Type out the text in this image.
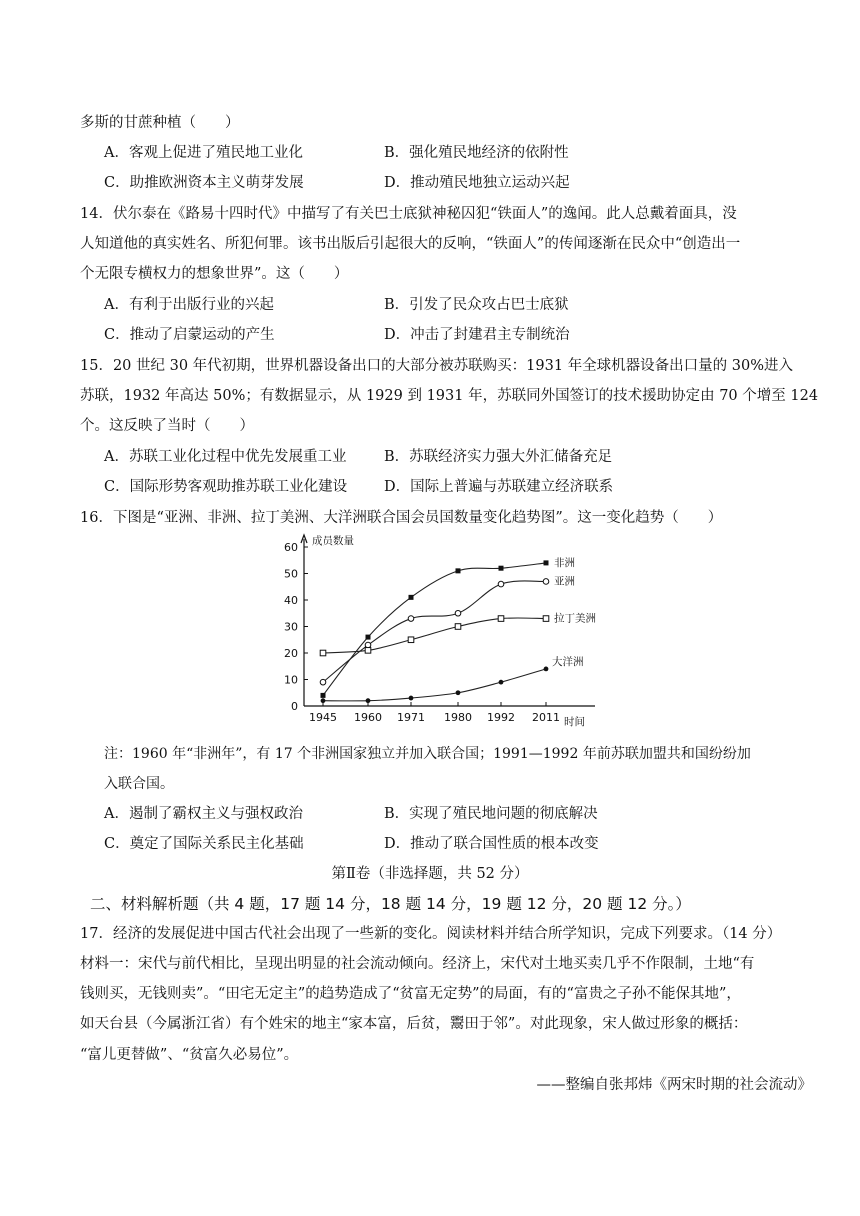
多斯的甘蔗种植（　　）
A．客观上促进了殖民地工业化	B．强化殖民地经济的依附性
C．助推欧洲资本主义萌芽发展	D．推动殖民地独立运动兴起
14．伏尔泰在《路易十四时代》中描写了有关巴士底狱神秘囚犯“铁面人”的逸闻。此人总戴着面具，没
人知道他的真实姓名、所犯何罪。该书出版后引起很大的反响，“铁面人”的传闻逐渐在民众中“创造出一
个无限专横权力的想象世界”。这（　　）
A．有利于出版行业的兴起	B．引发了民众攻占巴士底狱
C．推动了启蒙运动的产生	D．冲击了封建君主专制统治
15．20 世纪 30 年代初期，世界机器设备出口的大部分被苏联购买：1931 年全球机器设备出口量的 30%进入
苏联，1932 年高达 50%；有数据显示，从 1929 到 1931 年，苏联同外国签订的技术援助协定由 70 个增至 124
个。这反映了当时（　　）
A．苏联工业化过程中优先发展重工业	B．苏联经济实力强大外汇储备充足
C．国际形势客观助推苏联工业化建设	D．国际上普遍与苏联建立经济联系
16．下图是“亚洲、非洲、拉丁美洲、大洋洲联合国会员国数量变化趋势图”。这一变化趋势（　　）
0
10
20
30
40
50
60
1945 1960 1971 1980 1992 2011
成员数量
时间
非洲
亚洲
拉丁美洲
大洋洲
注：1960 年“非洲年”，有 17 个非洲国家独立并加入联合国；1991—1992 年前苏联加盟共和国纷纷加
入联合国。
A．遏制了霸权主义与强权政治	B．实现了殖民地问题的彻底解决
C．奠定了国际关系民主化基础	D．推动了联合国性质的根本改变
第Ⅱ卷（非选择题，共 52 分）
二、材料解析题（共 4 题，17 题 14 分，18 题 14 分，19 题 12 分，20 题 12 分。）
17．经济的发展促进中国古代社会出现了一些新的变化。阅读材料并结合所学知识，完成下列要求。（14 分）
材料一：宋代与前代相比，呈现出明显的社会流动倾向。经济上，宋代对土地买卖几乎不作限制，土地“有
钱则买，无钱则卖”。“田宅无定主”的趋势造成了“贫富无定势”的局面，有的“富贵之子孙不能保其地”，
如天台县（今属浙江省）有个姓宋的地主“家本富，后贫，鬻田于邻”。对此现象，宋人做过形象的概括：
“富儿更替做”、“贫富久必易位”。
——整编自张邦炜《两宋时期的社会流动》
